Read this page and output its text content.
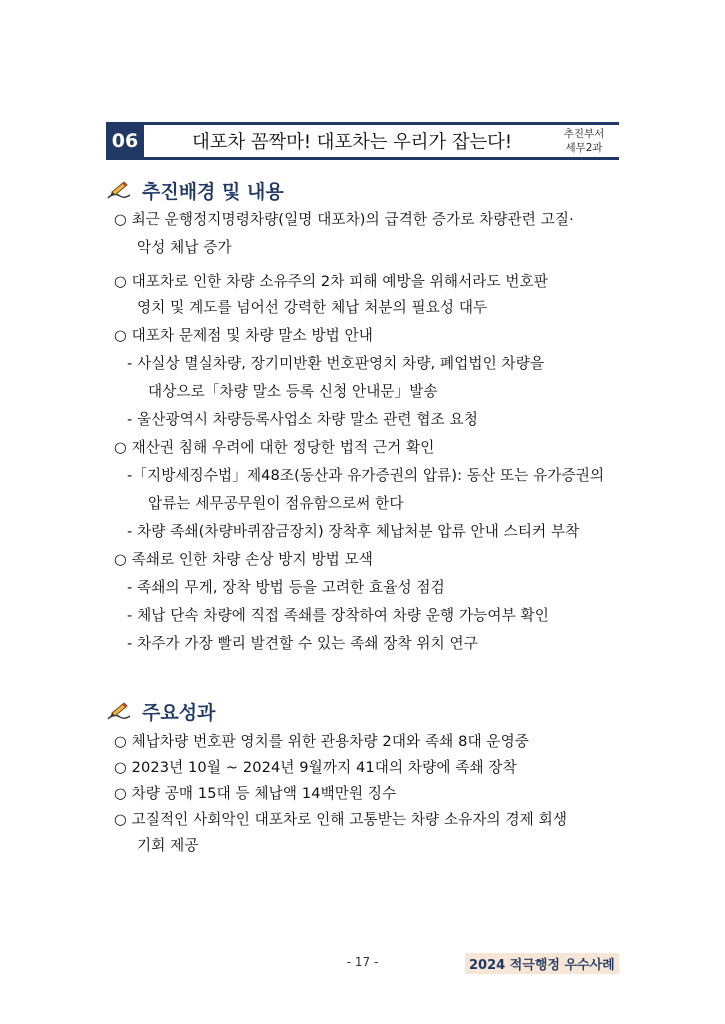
06	대포차 꼼짝마! 대포차는 우리가 잡는다!	추진부서
세무2과
추진배경 및 내용
○ 최근 운행정지명령차량(일명 대포차)의 급격한 증가로 차량관련 고질·
악성 체납 증가
○ 대포차로 인한 차량 소유주의 2차 피해 예방을 위해서라도 번호판
영치 및 계도를 넘어선 강력한 체납 처분의 필요성 대두
○ 대포차 문제점 및 차량 말소 방법 안내
- 사실상 멸실차량, 장기미반환 번호판영치 차량, 폐업법인 차량을
대상으로「차량 말소 등록 신청 안내문」발송
- 울산광역시 차량등록사업소 차량 말소 관련 협조 요청
○ 재산권 침해 우려에 대한 정당한 법적 근거 확인
-「지방세징수법」제48조(동산과 유가증권의 압류): 동산 또는 유가증권의
압류는 세무공무원이 점유함으로써 한다
- 차량 족쇄(차량바퀴잠금장치) 장착후 체납처분 압류 안내 스티커 부착
○ 족쇄로 인한 차량 손상 방지 방법 모색
- 족쇄의 무게, 장착 방법 등을 고려한 효율성 점검
- 체납 단속 차량에 직접 족쇄를 장착하여 차량 운행 가능여부 확인
- 차주가 가장 빨리 발견할 수 있는 족쇄 장착 위치 연구
주요성과
○ 체납차량 번호판 영치를 위한 관용차량 2대와 족쇄 8대 운영중
○ 2023년 10월 ~ 2024년 9월까지 41대의 차량에 족쇄 장착
○ 차량 공매 15대 등 체납액 14백만원 징수
○ 고질적인 사회악인 대포차로 인해 고통받는 차량 소유자의 경제 회생
기회 제공
- 17 -	2024 적극행정 우수사례
